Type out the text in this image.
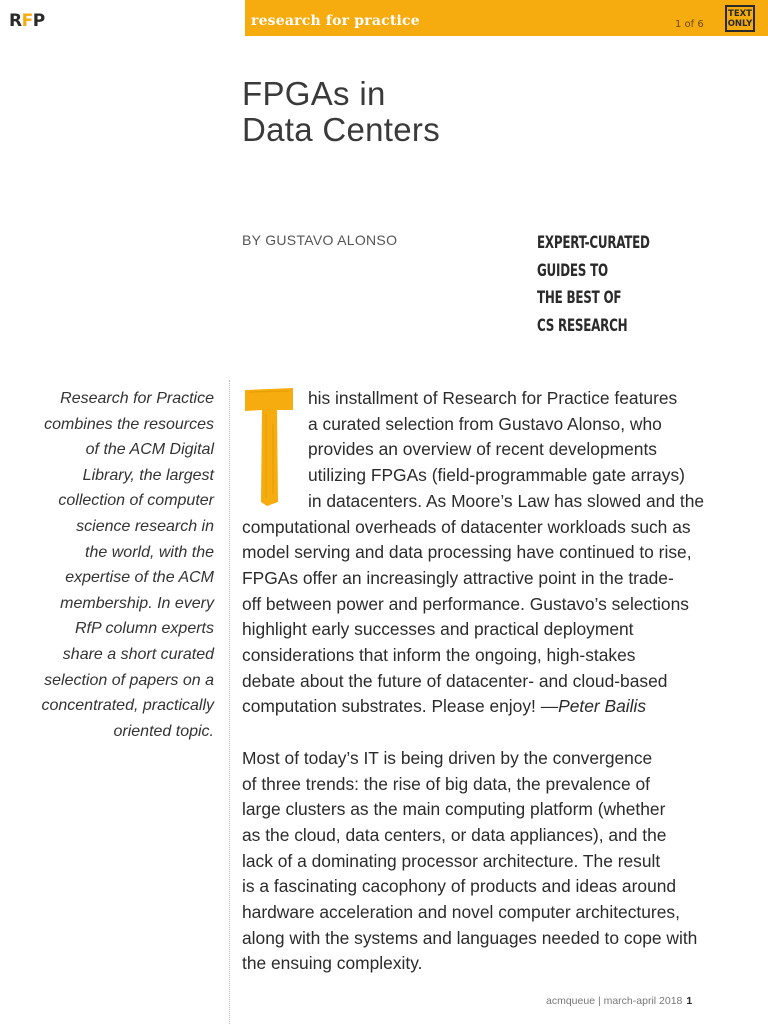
R F P	research for practice	1 of 6
TEXT
ONLY
FPGAs in
Data Centers
BY GUSTAVO ALONSO	EXPERT-CURATED
GUIDES TO
THE BEST OF
CS RESEARCH
Research for Practice
combines the resources
of the ACM Digital
Library, the largest
collection of computer
science research in
the world, with the
expertise of the ACM
membership. In every
RfP column experts
share a short curated
selection of papers on a
concentrated, practically
oriented topic.
T
his installment of Research for Practice features
a curated selection from Gustavo Alonso, who
provides an overview of recent developments
utilizing FPGAs (field-programmable gate arrays)
in datacenters. As Moore’s Law has slowed and the
computational overheads of datacenter workloads such as
model serving and data processing have continued to rise,
FPGAs offer an increasingly attractive point in the trade-
off between power and performance. Gustavo’s selections
highlight early successes and practical deployment
considerations that inform the ongoing, high-stakes
debate about the future of datacenter- and cloud-based
computation substrates. Please enjoy! —Peter Bailis
Most of today’s IT is being driven by the convergence
of three trends: the rise of big data, the prevalence of
large clusters as the main computing platform (whether
as the cloud, data centers, or data appliances), and the
lack of a dominating processor architecture. The result
is a fascinating cacophony of products and ideas around
hardware acceleration and novel computer architectures,
along with the systems and languages needed to cope with
the ensuing complexity.
acmqueue | march-april 2018 1
